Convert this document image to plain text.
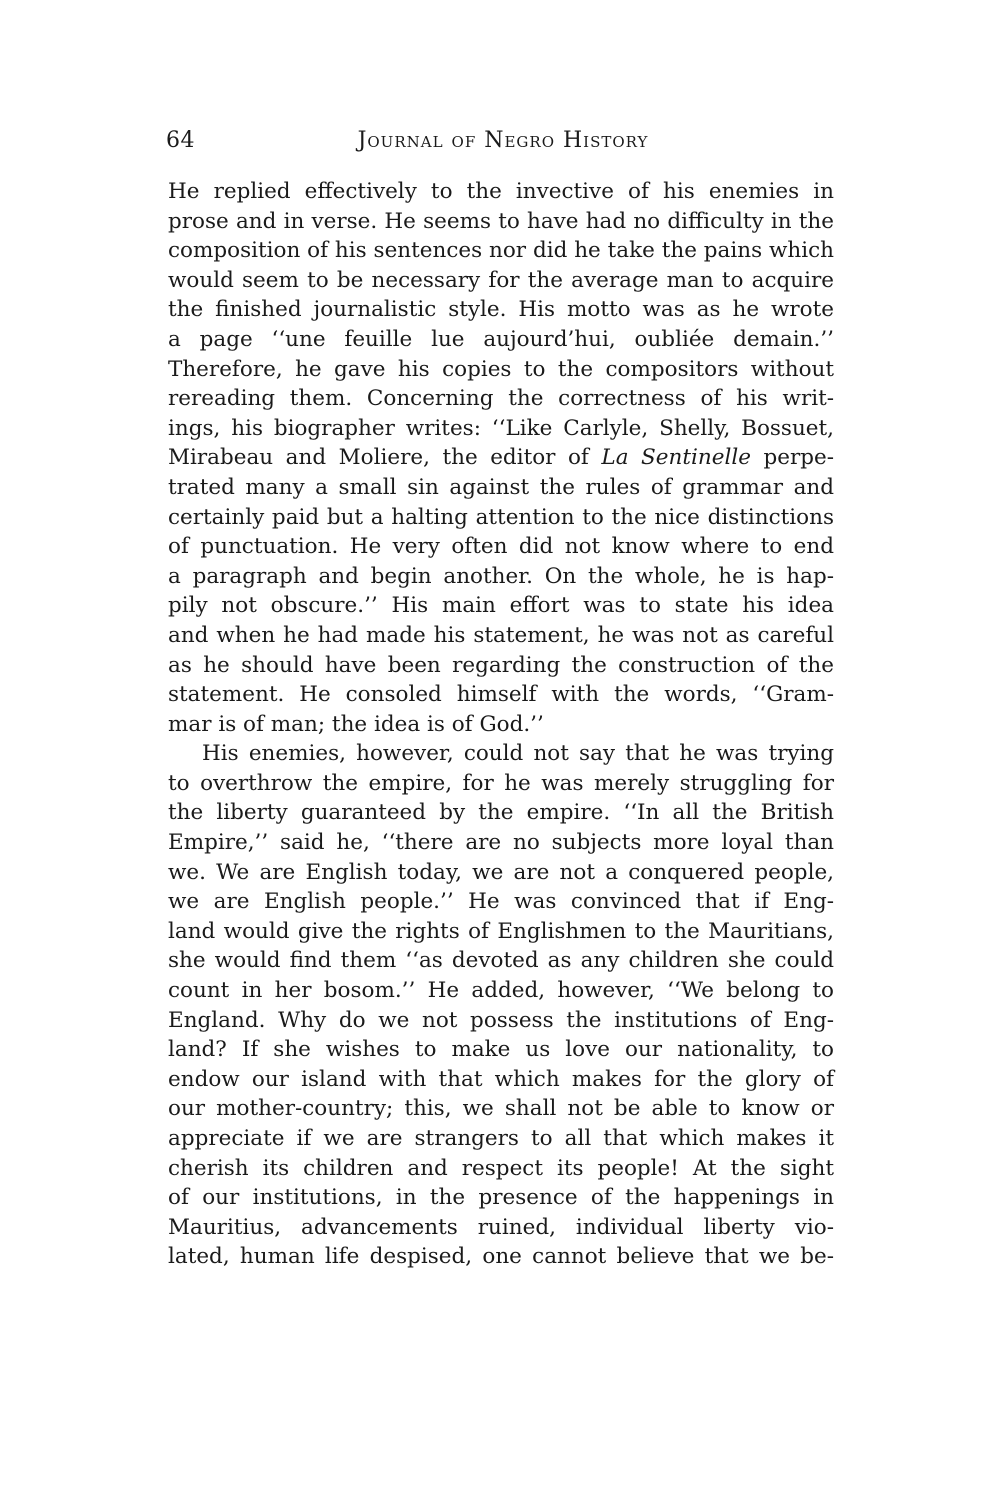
64	Journal of Negro History
He replied effectively to the invective of his enemies in
prose and in verse. He seems to have had no difficulty in the
composition of his sentences nor did he take the pains which
would seem to be necessary for the average man to acquire
the finished journalistic style. His motto was as he wrote
a page ‘‘une feuille lue aujourd’hui, oubliée demain.’’
Therefore, he gave his copies to the compositors without
rereading them. Concerning the correctness of his writ-
ings, his biographer writes: ‘‘Like Carlyle, Shelly, Bossuet,
Mirabeau and Moliere, the editor of La Sentinelle perpe-
trated many a small sin against the rules of grammar and
certainly paid but a halting attention to the nice distinctions
of punctuation. He very often did not know where to end
a paragraph and begin another. On the whole, he is hap-
pily not obscure.’’ His main effort was to state his idea
and when he had made his statement, he was not as careful
as he should have been regarding the construction of the
statement. He consoled himself with the words, ‘‘Gram-
mar is of man; the idea is of God.’’
His enemies, however, could not say that he was trying
to overthrow the empire, for he was merely struggling for
the liberty guaranteed by the empire. ‘‘In all the British
Empire,’’ said he, ‘‘there are no subjects more loyal than
we. We are English today, we are not a conquered people,
we are English people.’’ He was convinced that if Eng-
land would give the rights of Englishmen to the Mauritians,
she would find them ‘‘as devoted as any children she could
count in her bosom.’’ He added, however, ‘‘We belong to
England. Why do we not possess the institutions of Eng-
land? If she wishes to make us love our nationality, to
endow our island with that which makes for the glory of
our mother-country; this, we shall not be able to know or
appreciate if we are strangers to all that which makes it
cherish its children and respect its people! At the sight
of our institutions, in the presence of the happenings in
Mauritius, advancements ruined, individual liberty vio-
lated, human life despised, one cannot believe that we be-
